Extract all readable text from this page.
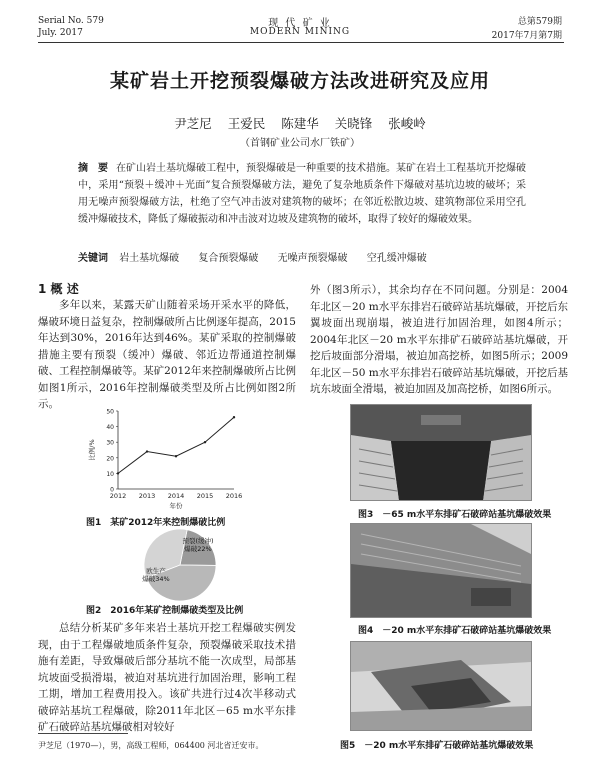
Serial No. 579
July. 2017
现 代 矿 业
MODERN MINING
总第579期
2017年7月第7期
某矿岩土开挖预裂爆破方法改进研究及应用
尹芝尼 王爱民 陈建华 关晓锋 张峻岭
（首钢矿业公司水厂铁矿）
摘　要 在矿山岩土基坑爆破工程中，预裂爆破是一种重要的技术措施。某矿在岩土工程基坑开挖爆破中，采用“预裂＋缓冲＋光面”复合预裂爆破方法，避免了复杂地质条件下爆破对基坑边坡的破坏；采用无噪声预裂爆破方法，杜绝了空气冲击波对建筑物的破坏；在邻近松散边坡、建筑物部位采用空孔缓冲爆破技术，降低了爆破振动和冲击波对边坡及建筑物的破坏，取得了较好的爆破效果。
关键词 岩土基坑爆破 复合预裂爆破 无噪声预裂爆破 空孔缓冲爆破
1 概 述

多年以来，某露天矿山随着采场开采水平的降低，爆破环境日益复杂，控制爆破所占比例逐年提高，2015年达到30%，2016年达到46%。某矿采取的控制爆破措施主要有预裂（缓冲）爆破、邻近边帮通道控制爆破、工程控制爆破等。某矿2012年来控制爆破所占比例如图1所示，2016年控制爆破类型及所占比例如图2所示。

0
10
20
30
40
50
2012 2013 2014 2015 2016
年份
比例/%
图1　某矿2012年来控制爆破比例
预裂(缓冲)
爆破22%
欧生产
爆破34%
图2　2016年某矿控制爆破类型及比例

总结分析某矿多年来岩土基坑开挖工程爆破实例发现，由于工程爆破地质条件复杂，预裂爆破采取技术措施有差距，导致爆破后部分基坑不能一次成型，局部基坑坡面受损滑塌，被迫对基坑进行加固治理，影响工程工期，增加工程费用投入。该矿共进行过4次半移动式破碎站基坑工程爆破，除2011年北区－65 m水平东排矿石破碎站基坑爆破相对较好

外（图3所示），其余均存在不同问题。分别是：2004年北区－20 m水平东排岩石破碎站基坑爆破，开挖后东翼坡面出现崩塌，被迫进行加固治理，如图4所示；2004年北区－20 m水平东排矿石破碎站基坑爆破，开挖后坡面部分滑塌，被迫加高挖桥，如图5所示；2009年北区－50 m水平东排岩石破碎站基坑爆破，开挖后基坑东坡面全滑塌，被迫加固及加高挖桥，如图6所示。

图3　－65 m水平东排矿石破碎站基坑爆破效果
图4　－20 m水平东排矿石破碎站基坑爆破效果
图5　－20 m水平东排矿石破碎站基坑爆破效果
尹芝尼（1970—），男，高级工程师，064400 河北省迁安市。
